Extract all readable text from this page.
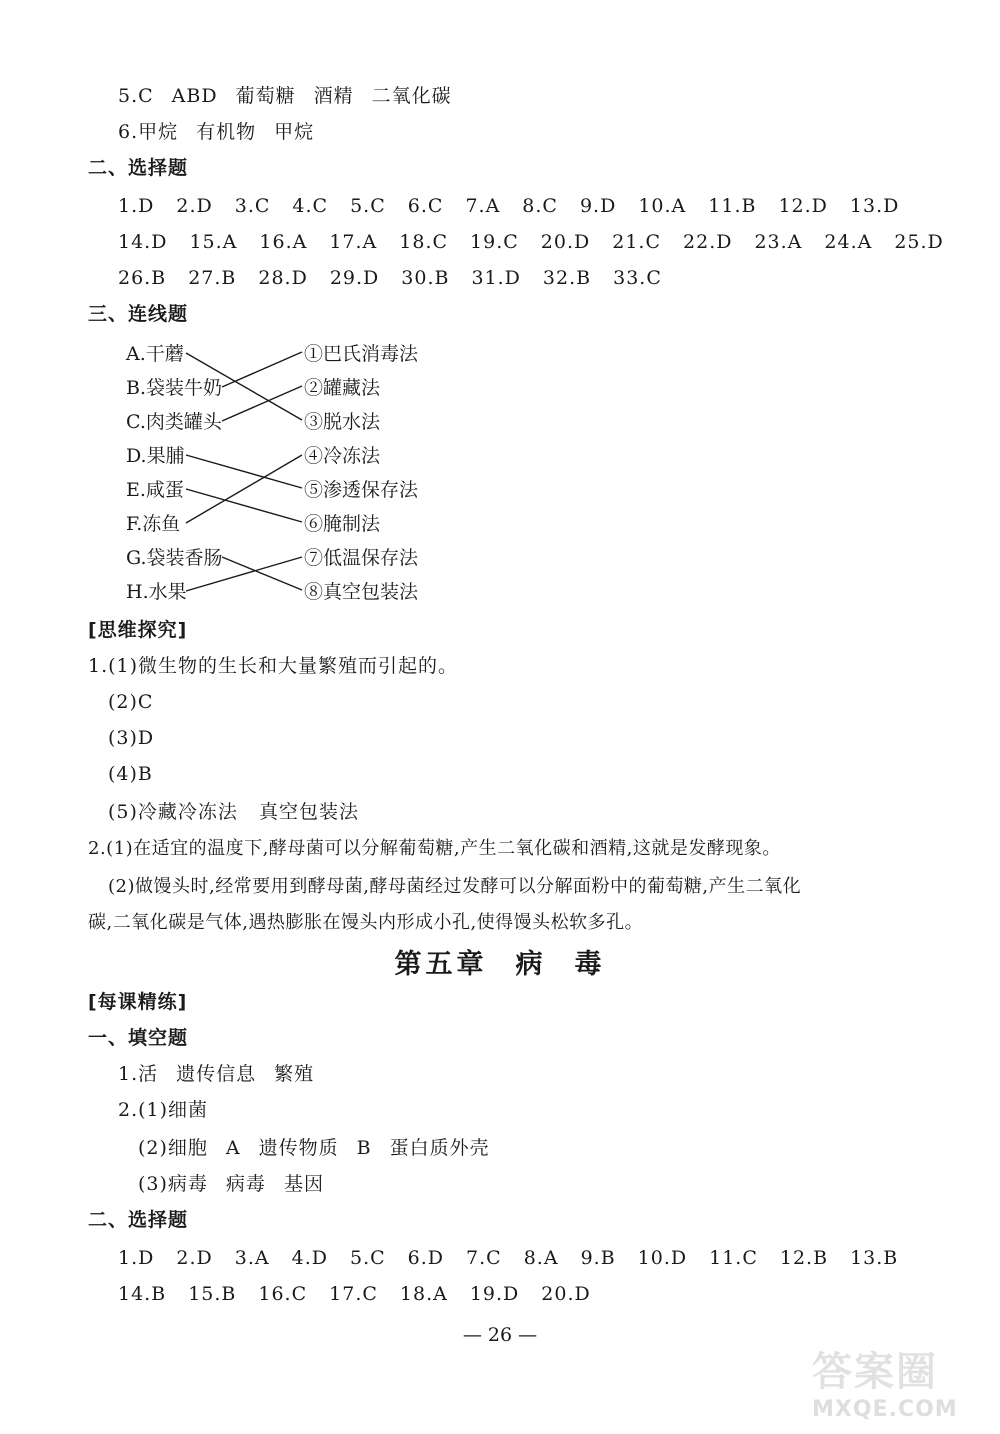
5.C ABD 葡萄糖 酒精 二氧化碳
6.甲烷 有机物 甲烷
二、选择题
1.D 2.D 3.C 4.C 5.C 6.C 7.A 8.C 9.D 10.A 11.B 12.D 13.D
14.D 15.A 16.A 17.A 18.C 19.C 20.D 21.C 22.D 23.A 24.A 25.D
26.B 27.B 28.D 29.D 30.B 31.D 32.B 33.C
三、连线题
A.干蘑
B.袋装牛奶
C.肉类罐头
D.果脯
E.咸蛋
F.冻鱼
G.袋装香肠
H.水果
①巴氏消毒法
②罐藏法
③脱水法
④冷冻法
⑤渗透保存法
⑥腌制法
⑦低温保存法
⑧真空包装法
[思维探究]
1.(1)微生物的生长和大量繁殖而引起的。
(2)C
(3)D
(4)B
(5)冷藏冷冻法   真空包装法
2.(1)在适宜的温度下,酵母菌可以分解葡萄糖,产生二氧化碳和酒精,这就是发酵现象。
(2)做馒头时,经常要用到酵母菌,酵母菌经过发酵可以分解面粉中的葡萄糖,产生二氧化
碳,二氧化碳是气体,遇热膨胀在馒头内形成小孔,使得馒头松软多孔。
第五章 病 毒
[每课精练]
一、填空题
1.活 遗传信息 繁殖
2.(1)细菌
(2)细胞 A 遗传物质 B 蛋白质外壳
(3)病毒 病毒 基因
二、选择题
1.D 2.D 3.A 4.D 5.C 6.D 7.C 8.A 9.B 10.D 11.C 12.B 13.B
14.B 15.B 16.C 17.C 18.A 19.D 20.D
— 26 —
答案圈
MXQE.COM
